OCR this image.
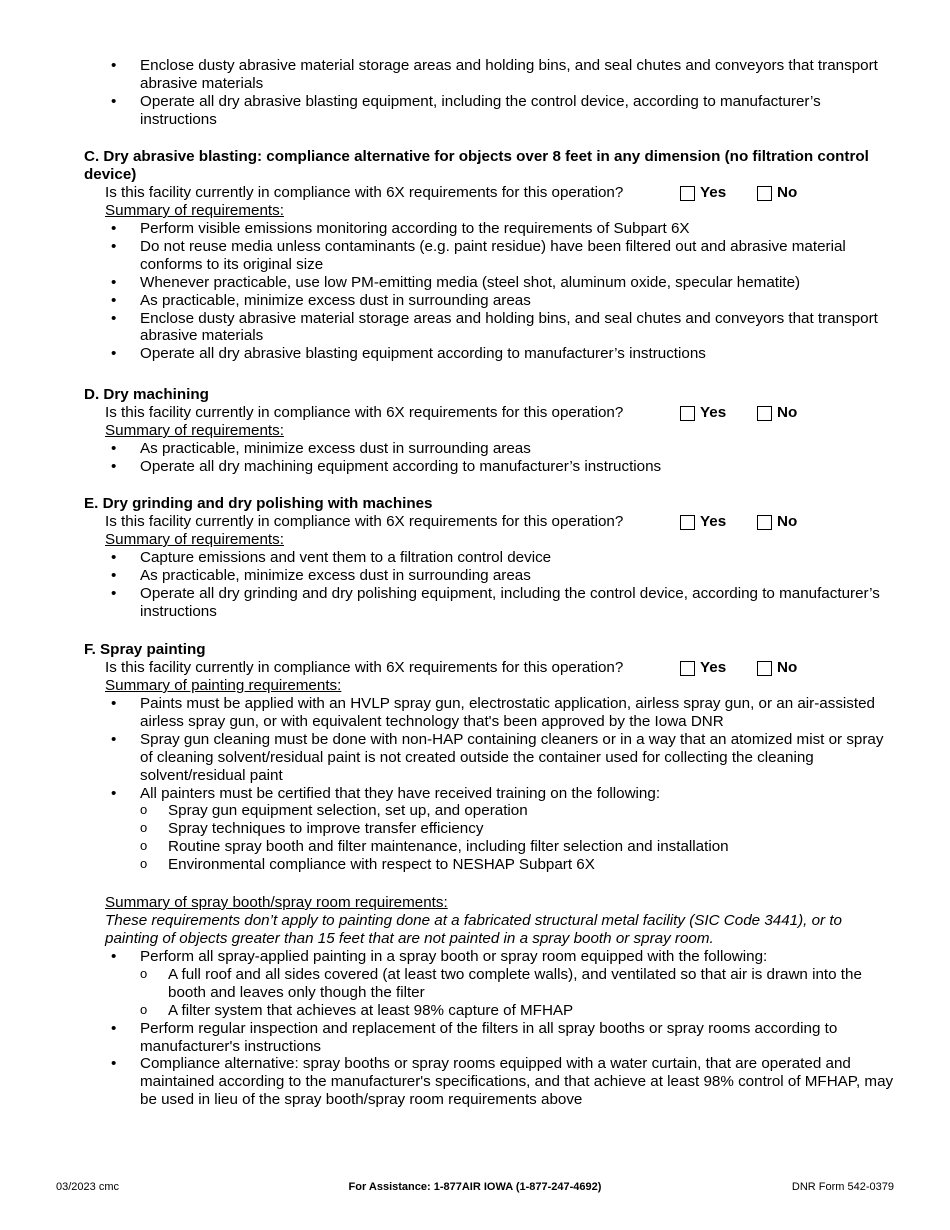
• Enclose dusty abrasive material storage areas and holding bins, and seal chutes and conveyors that transport abrasive materials
• Operate all dry abrasive blasting equipment, including the control device, according to manufacturer’s instructions
C. Dry abrasive blasting: compliance alternative for objects over 8 feet in any dimension (no filtration control device)
Is this facility currently in compliance with 6X requirements for this operation?	Yes	No
Summary of requirements:
• Perform visible emissions monitoring according to the requirements of Subpart 6X
• Do not reuse media unless contaminants (e.g. paint residue) have been filtered out and abrasive material conforms to its original size
• Whenever practicable, use low PM-emitting media (steel shot, aluminum oxide, specular hematite)
• As practicable, minimize excess dust in surrounding areas
• Enclose dusty abrasive material storage areas and holding bins, and seal chutes and conveyors that transport abrasive materials
• Operate all dry abrasive blasting equipment according to manufacturer’s instructions
D. Dry machining
Is this facility currently in compliance with 6X requirements for this operation?	Yes	No
Summary of requirements:
• As practicable, minimize excess dust in surrounding areas
• Operate all dry machining equipment according to manufacturer’s instructions
E. Dry grinding and dry polishing with machines
Is this facility currently in compliance with 6X requirements for this operation?	Yes	No
Summary of requirements:
• Capture emissions and vent them to a filtration control device
• As practicable, minimize excess dust in surrounding areas
• Operate all dry grinding and dry polishing equipment, including the control device, according to manufacturer’s instructions
F. Spray painting
Is this facility currently in compliance with 6X requirements for this operation?	Yes	No
Summary of painting requirements:
• Paints must be applied with an HVLP spray gun, electrostatic application, airless spray gun, or an air-assisted airless spray gun, or with equivalent technology that's been approved by the Iowa DNR
• Spray gun cleaning must be done with non-HAP containing cleaners or in a way that an atomized mist or spray of cleaning solvent/residual paint is not created outside the container used for collecting the cleaning solvent/residual paint
• All painters must be certified that they have received training on the following:
o Spray gun equipment selection, set up, and operation
o Spray techniques to improve transfer efficiency
o Routine spray booth and filter maintenance, including filter selection and installation
o Environmental compliance with respect to NESHAP Subpart 6X
Summary of spray booth/spray room requirements:
These requirements don’t apply to painting done at a fabricated structural metal facility (SIC Code 3441), or to painting of objects greater than 15 feet that are not painted in a spray booth or spray room.
• Perform all spray-applied painting in a spray booth or spray room equipped with the following:
o A full roof and all sides covered (at least two complete walls), and ventilated so that air is drawn into the booth and leaves only though the filter
o A filter system that achieves at least 98% capture of MFHAP
• Perform regular inspection and replacement of the filters in all spray booths or spray rooms according to manufacturer's instructions
• Compliance alternative: spray booths or spray rooms equipped with a water curtain, that are operated and maintained according to the manufacturer's specifications, and that achieve at least 98% control of MFHAP, may be used in lieu of the spray booth/spray room requirements above
03/2023 cmc	For Assistance: 1-877AIR IOWA (1-877-247-4692)	DNR Form 542-0379
